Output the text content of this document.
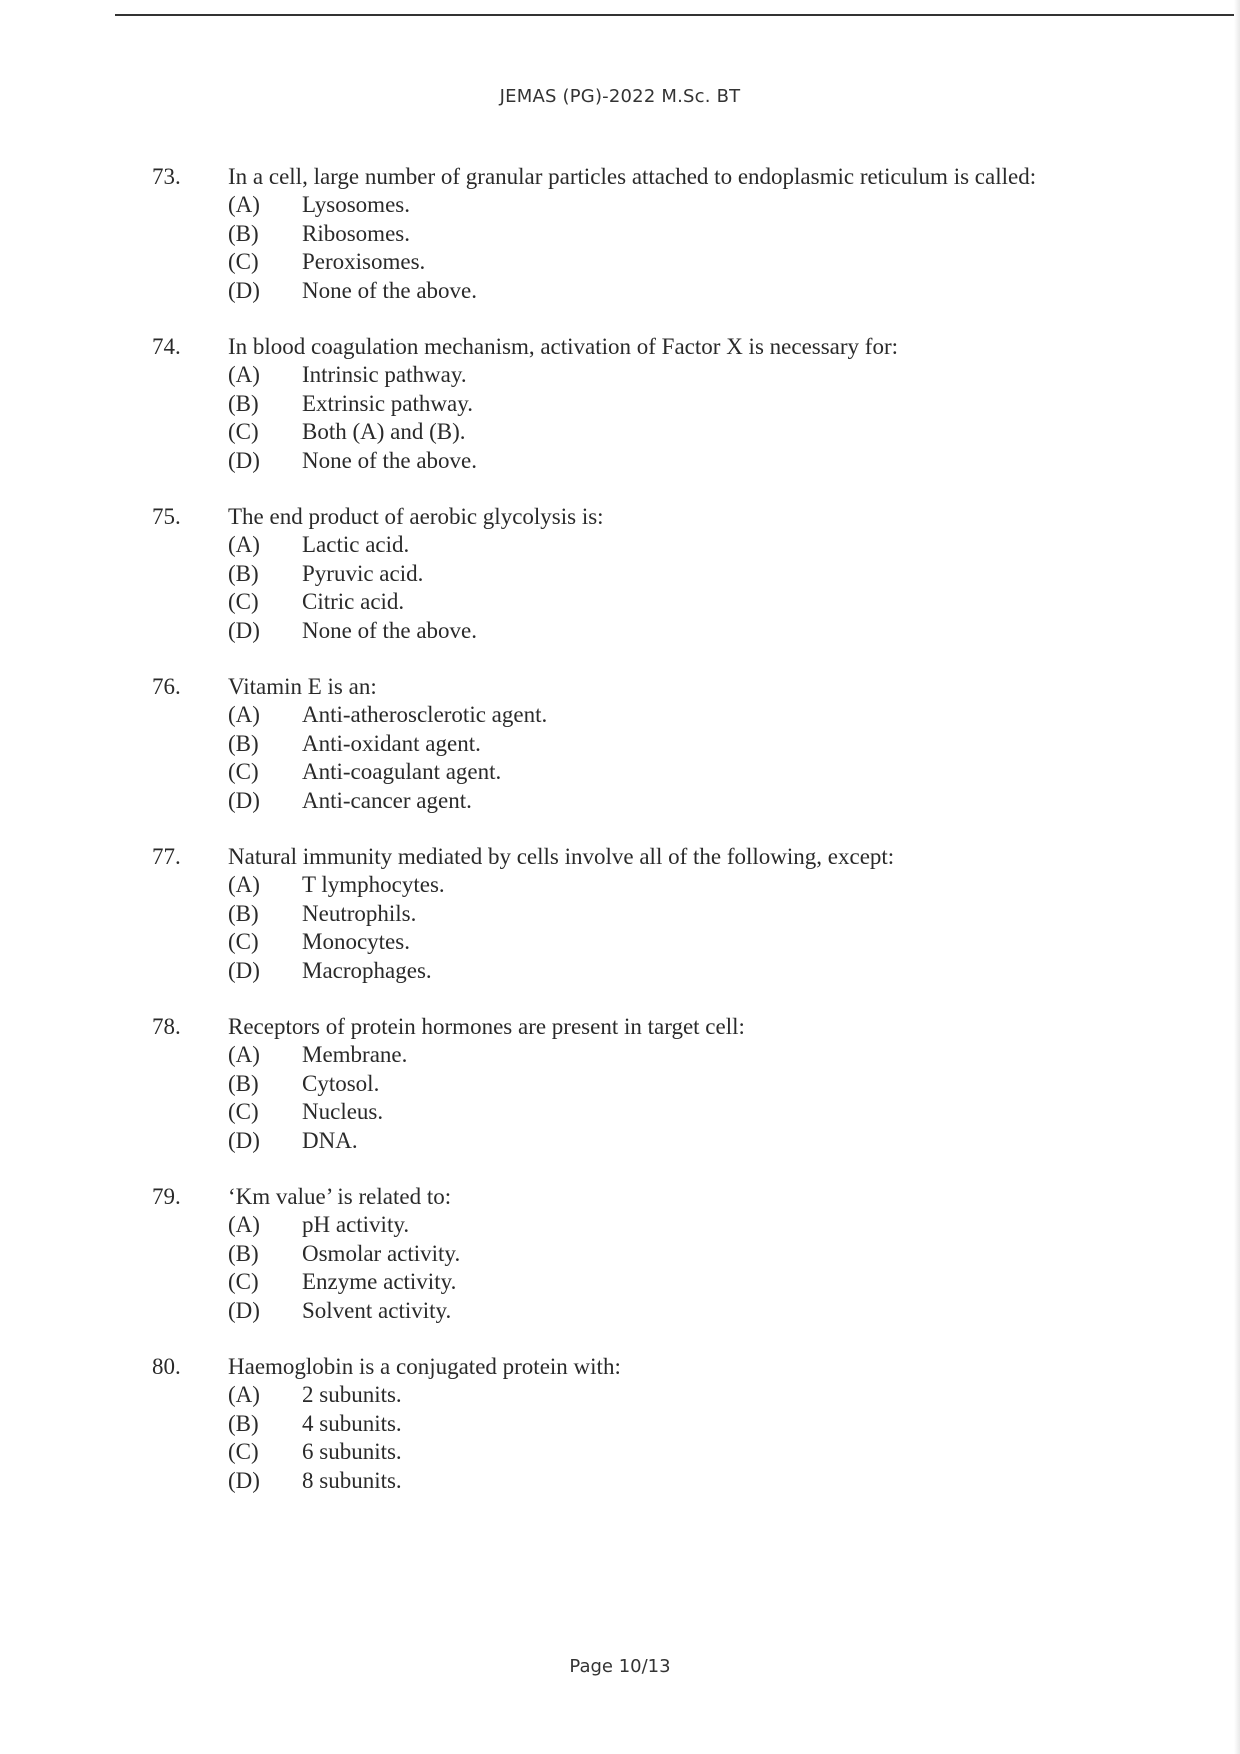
JEMAS (PG)-2022 M.Sc. BT
73.	In a cell, large number of granular particles attached to endoplasmic reticulum is called:
(A)	Lysosomes.
(B)	Ribosomes.
(C)	Peroxisomes.
(D)	None of the above.
74.	In blood coagulation mechanism, activation of Factor X is necessary for:
(A)	Intrinsic pathway.
(B)	Extrinsic pathway.
(C)	Both (A) and (B).
(D)	None of the above.
75.	The end product of aerobic glycolysis is:
(A)	Lactic acid.
(B)	Pyruvic acid.
(C)	Citric acid.
(D)	None of the above.
76.	Vitamin E is an:
(A)	Anti-atherosclerotic agent.
(B)	Anti-oxidant agent.
(C)	Anti-coagulant agent.
(D)	Anti-cancer agent.
77.	Natural immunity mediated by cells involve all of the following, except:
(A)	T lymphocytes.
(B)	Neutrophils.
(C)	Monocytes.
(D)	Macrophages.
78.	Receptors of protein hormones are present in target cell:
(A)	Membrane.
(B)	Cytosol.
(C)	Nucleus.
(D)	DNA.
79.	‘Km value’ is related to:
(A)	pH activity.
(B)	Osmolar activity.
(C)	Enzyme activity.
(D)	Solvent activity.
80.	Haemoglobin is a conjugated protein with:
(A)	2 subunits.
(B)	4 subunits.
(C)	6 subunits.
(D)	8 subunits.
Page 10/13
